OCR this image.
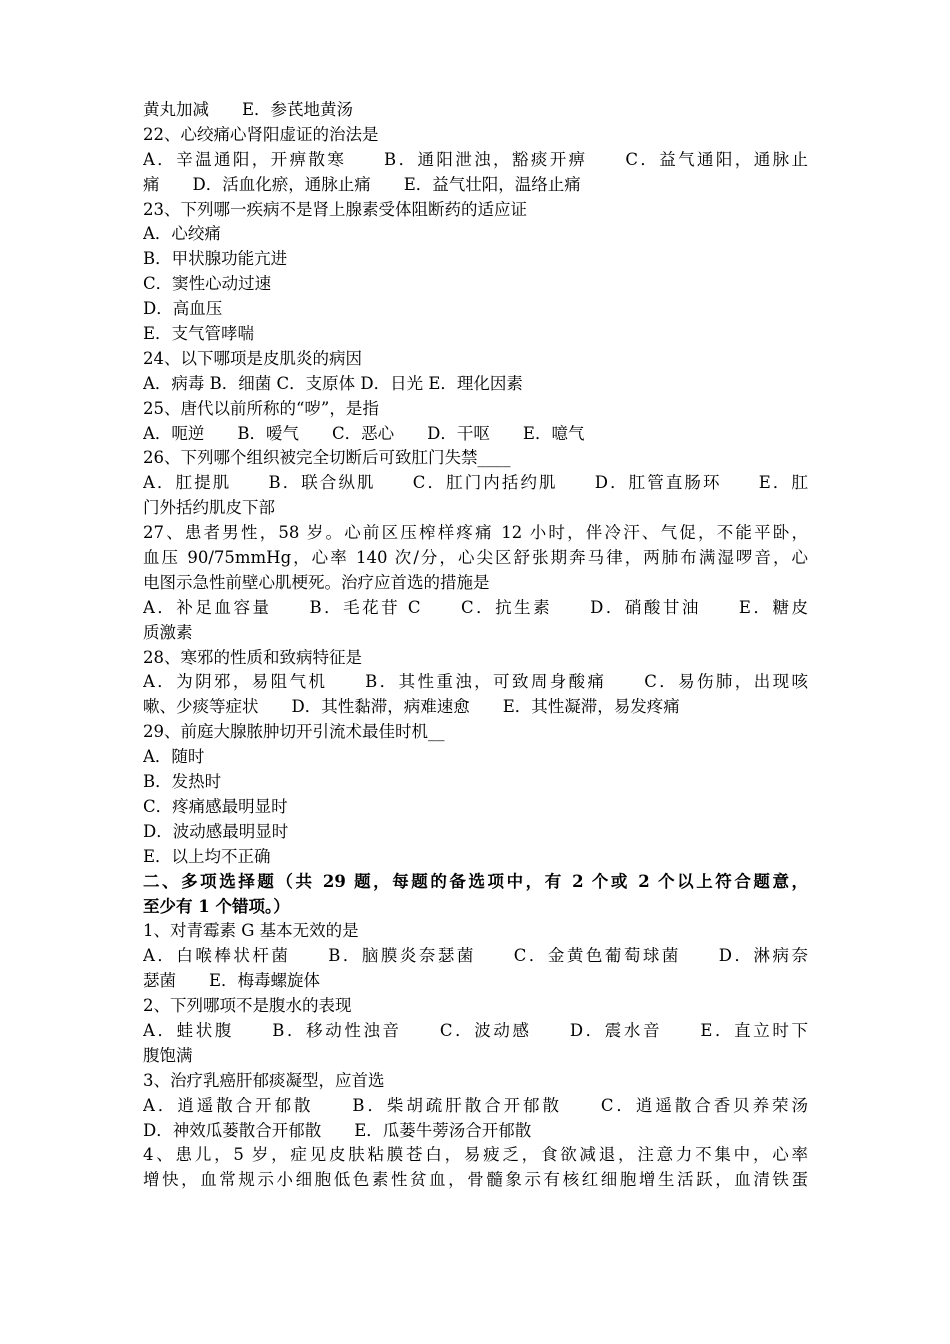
黄丸加减　　E．参芪地黄汤
22、心绞痛心肾阳虚证的治法是
A．辛温通阳，开痹散寒　　B．通阳泄浊，豁痰开痹　　C．益气通阳，通脉止
痛　　D．活血化瘀，通脉止痛　　E．益气壮阳，温络止痛
23、下列哪一疾病不是肾上腺素受体阻断药的适应证
A．心绞痛
B．甲状腺功能亢进
C．窦性心动过速
D．高血压
E．支气管哮喘
24、以下哪项是皮肌炎的病因
A．病毒 B．细菌 C．支原体 D．日光 E．理化因素
25、唐代以前所称的“哕”，是指
A．呃逆　　B．嗳气　　C．恶心　　D．干呕　　E．噫气
26、下列哪个组织被完全切断后可致肛门失禁____
A．肛提肌　　B．联合纵肌　　C．肛门内括约肌　　D．肛管直肠环　　E．肛
门外括约肌皮下部
27、患者男性，58 岁。心前区压榨样疼痛 12 小时，伴冷汗、气促，不能平卧，
血压 90/75mmHg，心率 140 次/分，心尖区舒张期奔马律，两肺布满湿啰音，心
电图示急性前壁心肌梗死。治疗应首选的措施是
A．补足血容量　　B．毛花苷 C　　C．抗生素　　D．硝酸甘油　　E．糖皮
质激素
28、寒邪的性质和致病特征是
A．为阴邪，易阻气机　　B．其性重浊，可致周身酸痛　　C．易伤肺，出现咳
嗽、少痰等症状　　D．其性黏滞，病难速愈　　E．其性凝滞，易发疼痛
29、前庭大腺脓肿切开引流术最佳时机__
A．随时
B．发热时
C．疼痛感最明显时
D．波动感最明显时
E．以上均不正确
二、多项选择题（共 29 题，每题的备选项中，有 2 个或 2 个以上符合题意，
至少有 1 个错项。）
1、对青霉素 G 基本无效的是
A．白喉棒状杆菌　　B．脑膜炎奈瑟菌　　C．金黄色葡萄球菌　　D．淋病奈
瑟菌　　E．梅毒螺旋体
2、下列哪项不是腹水的表现
A．蛙状腹　　B．移动性浊音　　C．波动感　　D．震水音　　E．直立时下
腹饱满
3、治疗乳癌肝郁痰凝型，应首选
A．逍遥散合开郁散　　B．柴胡疏肝散合开郁散　　C．逍遥散合香贝养荣汤
D．神效瓜蒌散合开郁散　　E．瓜蒌牛蒡汤合开郁散
4、患儿，5 岁，症见皮肤粘膜苍白，易疲乏，食欲减退，注意力不集中，心率
增快，血常规示小细胞低色素性贫血，骨髓象示有核红细胞增生活跃，血清铁蛋
